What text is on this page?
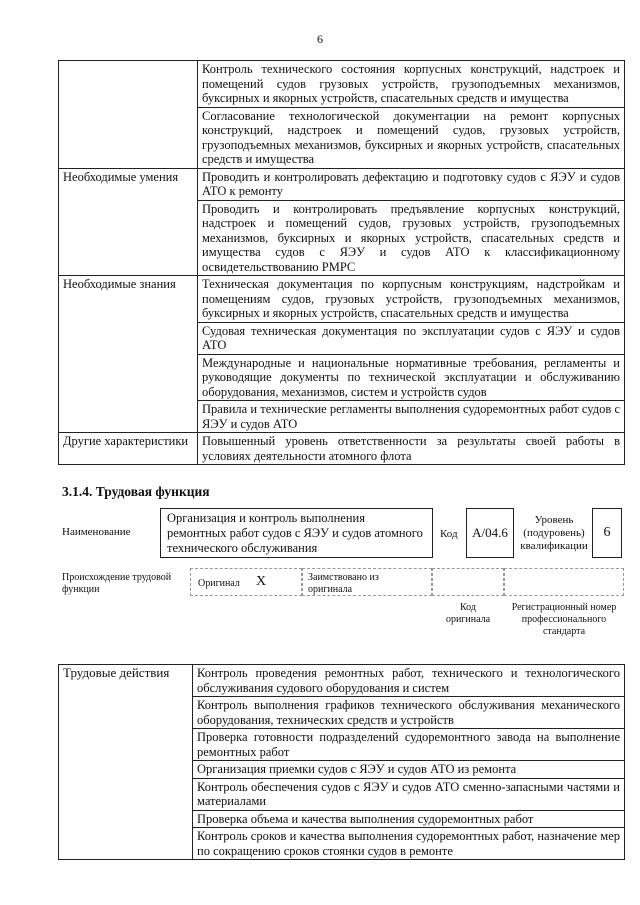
6

	Контроль технического состояния корпусных конструкций, надстроек и помещений судов грузовых устройств, грузоподъемных механизмов, буксирных и якорных устройств, спасательных средств и имущества
Согласование технологической документации на ремонт корпусных конструкций, надстроек и помещений судов, грузовых устройств, грузоподъемных механизмов, буксирных и якорных устройств, спасательных средств и имущества

Необходимые умения	Проводить и контролировать дефектацию и подготовку судов с ЯЭУ и судов АТО к ремонту
Проводить и контролировать предъявление корпусных конструкций, надстроек и помещений судов, грузовых устройств, грузоподъемных механизмов, буксирных и якорных устройств, спасательных средств и имущества судов с ЯЭУ и судов АТО к классификационному освидетельствованию РМРС

Необходимые знания	Техническая документация по корпусным конструкциям, надстройкам и помещениям судов, грузовых устройств, грузоподъемных механизмов, буксирных и якорных устройств, спасательных средств и имущества
Судовая техническая документация по эксплуатации судов с ЯЭУ и судов АТО
Международные и национальные нормативные требования, регламенты и руководящие документы по технической эксплуатации и обслуживанию оборудования, механизмов, систем и устройств судов
Правила и технические регламенты выполнения судоремонтных работ судов с ЯЭУ и судов АТО

Другие характеристики	Повышенный уровень ответственности за результаты своей работы в условиях деятельности атомного флота
3.1.4. Трудовая функция
Наименование
Организация и контроль выполнения ремонтных работ судов с ЯЭУ и судов атомного технического обслуживания
Код	А/04.6
Уровень (подуровень) квалификации
6
Происхождение трудовой функции
Оригинал X	Заимствовано из оригинала
Код оригинала
Регистрационный номер профессионального стандарта
Трудовые действия	Контроль проведения ремонтных работ, технического и технологического обслуживания судового оборудования и систем
Контроль выполнения графиков технического обслуживания механического оборудования, технических средств и устройств
Проверка готовности подразделений судоремонтного завода на выполнение ремонтных работ
Организация приемки судов с ЯЭУ и судов АТО из ремонта
Контроль обеспечения судов с ЯЭУ и судов АТО сменно-запасными частями и материалами
Проверка объема и качества выполнения судоремонтных работ
Контроль сроков и качества выполнения судоремонтных работ, назначение мер по сокращению сроков стоянки судов в ремонте
